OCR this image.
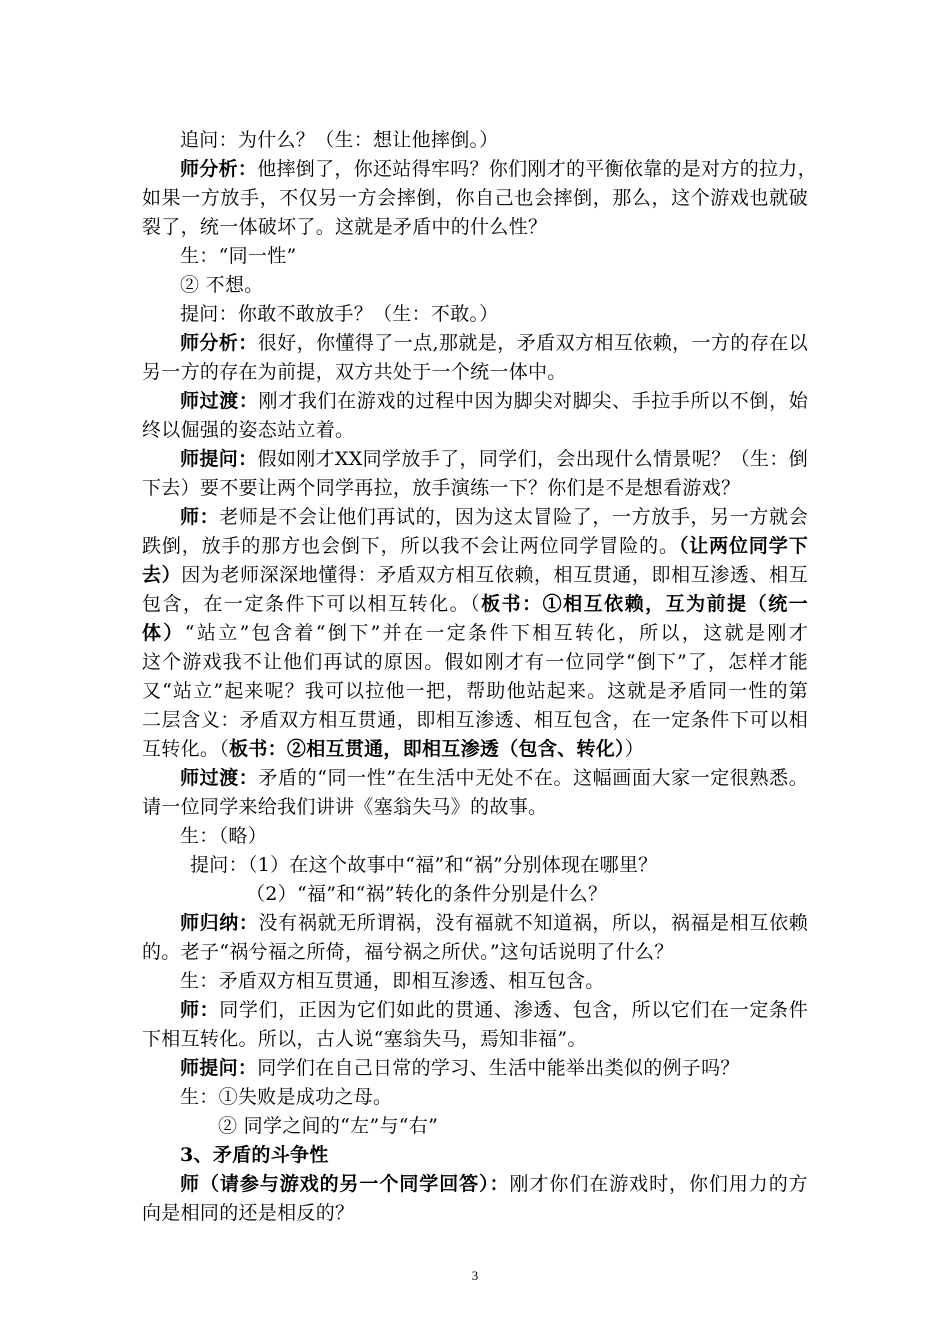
追问：为什么？（生：想让他摔倒。）
师分析：他摔倒了，你还站得牢吗？你们刚才的平衡依靠的是对方的拉力，
如果一方放手，不仅另一方会摔倒，你自己也会摔倒，那么，这个游戏也就破
裂了，统一体破坏了。这就是矛盾中的什么性？
生：“同一性”
② 不想。
提问：你敢不敢放手？（生：不敢。）
师分析：很好，你懂得了一点,那就是，矛盾双方相互依赖，一方的存在以
另一方的存在为前提，双方共处于一个统一体中。
师过渡：刚才我们在游戏的过程中因为脚尖对脚尖、手拉手所以不倒，始
终以倔强的姿态站立着。
师提问：假如刚才XX同学放手了，同学们，会出现什么情景呢？（生：倒
下去）要不要让两个同学再拉，放手演练一下？你们是不是想看游戏？
师：老师是不会让他们再试的，因为这太冒险了，一方放手，另一方就会
跌倒，放手的那方也会倒下，所以我不会让两位同学冒险的。（让两位同学下
去）因为老师深深地懂得：矛盾双方相互依赖，相互贯通，即相互渗透、相互
包含，在一定条件下可以相互转化。（板书：①相互依赖，互为前提（统一
体）“站立”包含着“倒下”并在一定条件下相互转化，所以，这就是刚才
这个游戏我不让他们再试的原因。假如刚才有一位同学“倒下”了，怎样才能
又“站立”起来呢？我可以拉他一把，帮助他站起来。这就是矛盾同一性的第
二层含义：矛盾双方相互贯通，即相互渗透、相互包含，在一定条件下可以相
互转化。（板书：②相互贯通，即相互渗透（包含、转化））
师过渡：矛盾的“同一性”在生活中无处不在。这幅画面大家一定很熟悉。
请一位同学来给我们讲讲《塞翁失马》的故事。
生：（略）
提问：（1）在这个故事中“福”和“祸”分别体现在哪里？
（2）“福”和“祸”转化的条件分别是什么？
师归纳：没有祸就无所谓祸，没有福就不知道祸，所以，祸福是相互依赖
的。老子“祸兮福之所倚，福兮祸之所伏。”这句话说明了什么？
生：矛盾双方相互贯通，即相互渗透、相互包含。
师：同学们，正因为它们如此的贯通、渗透、包含，所以它们在一定条件
下相互转化。所以，古人说“塞翁失马，焉知非福”。
师提问：同学们在自己日常的学习、生活中能举出类似的例子吗？
生：①失败是成功之母。
② 同学之间的“左”与“右”
3、矛盾的斗争性
师（请参与游戏的另一个同学回答）：刚才你们在游戏时，你们用力的方
向是相同的还是相反的？
3
